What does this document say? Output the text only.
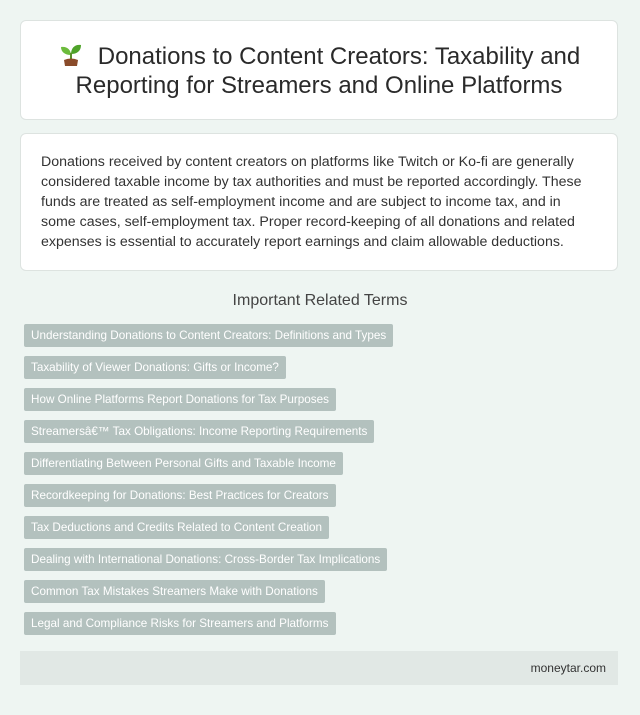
Donations to Content Creators: Taxability and Reporting for Streamers and Online Platforms

Donations received by content creators on platforms like Twitch or Ko-fi are generally considered taxable income by tax authorities and must be reported accordingly. These funds are treated as self-employment income and are subject to income tax, and in some cases, self-employment tax. Proper record-keeping of all donations and related expenses is essential to accurately report earnings and claim allowable deductions.

Important Related Terms
Understanding Donations to Content Creators: Definitions and Types
Taxability of Viewer Donations: Gifts or Income?
How Online Platforms Report Donations for Tax Purposes
Streamersâ€™ Tax Obligations: Income Reporting Requirements
Differentiating Between Personal Gifts and Taxable Income
Recordkeeping for Donations: Best Practices for Creators
Tax Deductions and Credits Related to Content Creation
Dealing with International Donations: Cross-Border Tax Implications
Common Tax Mistakes Streamers Make with Donations
Legal and Compliance Risks for Streamers and Platforms
moneytar.com
